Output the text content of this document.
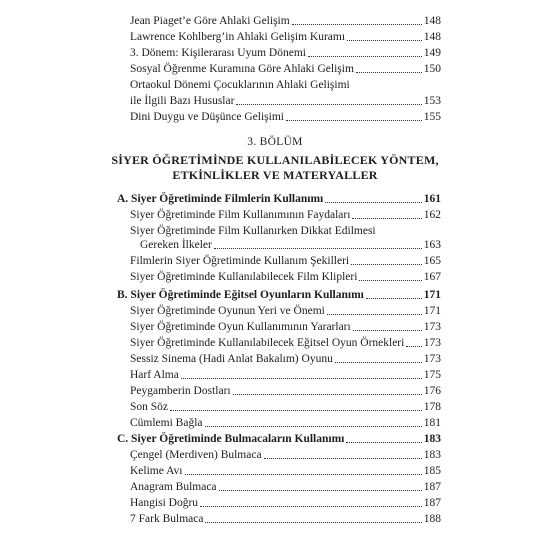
Jean Piaget’e Göre Ahlaki Gelişim	148
Lawrence Kohlberg’in Ahlaki Gelişim Kuramı	148
3. Dönem: Kişilerarası Uyum Dönemi	149
Sosyal Öğrenme Kuramına Göre Ahlaki Gelişim	150
Ortaokul Dönemi Çocuklarının Ahlaki Gelişimi
ile İlgili Bazı Hususlar	153
Dini Duygu ve Düşünce Gelişimi	155
3. BÖLÜM
SİYER ÖĞRETİMİNDE KULLANILABİLECEK YÖNTEM,
ETKİNLİKLER VE MATERYALLER
A. Siyer Öğretiminde Filmlerin Kullanımı	161
Siyer Öğretiminde Film Kullanımının Faydaları	162
Siyer Öğretiminde Film Kullanırken Dikkat Edilmesi
Gereken İlkeler	163
Filmlerin Siyer Öğretiminde Kullanım Şekilleri	165
Siyer Öğretiminde Kullanılabilecek Film Klipleri	167
B. Siyer Öğretiminde Eğitsel Oyunların Kullanımı	171
Siyer Öğretiminde Oyunun Yeri ve Önemi	171
Siyer Öğretiminde Oyun Kullanımının Yararları	173
Siyer Öğretiminde Kullanılabilecek Eğitsel Oyun Örnekleri 173
Sessiz Sinema (Hadi Anlat Bakalım) Oyunu	173
Harf Alma	175
Peygamberin Dostları	176
Son Söz	178
Cümlemi Bağla	181
C. Siyer Öğretiminde Bulmacaların Kullanımı	183
Çengel (Merdiven) Bulmaca	183
Kelime Avı	185
Anagram Bulmaca	187
Hangisi Doğru	187
7 Fark Bulmaca	188
